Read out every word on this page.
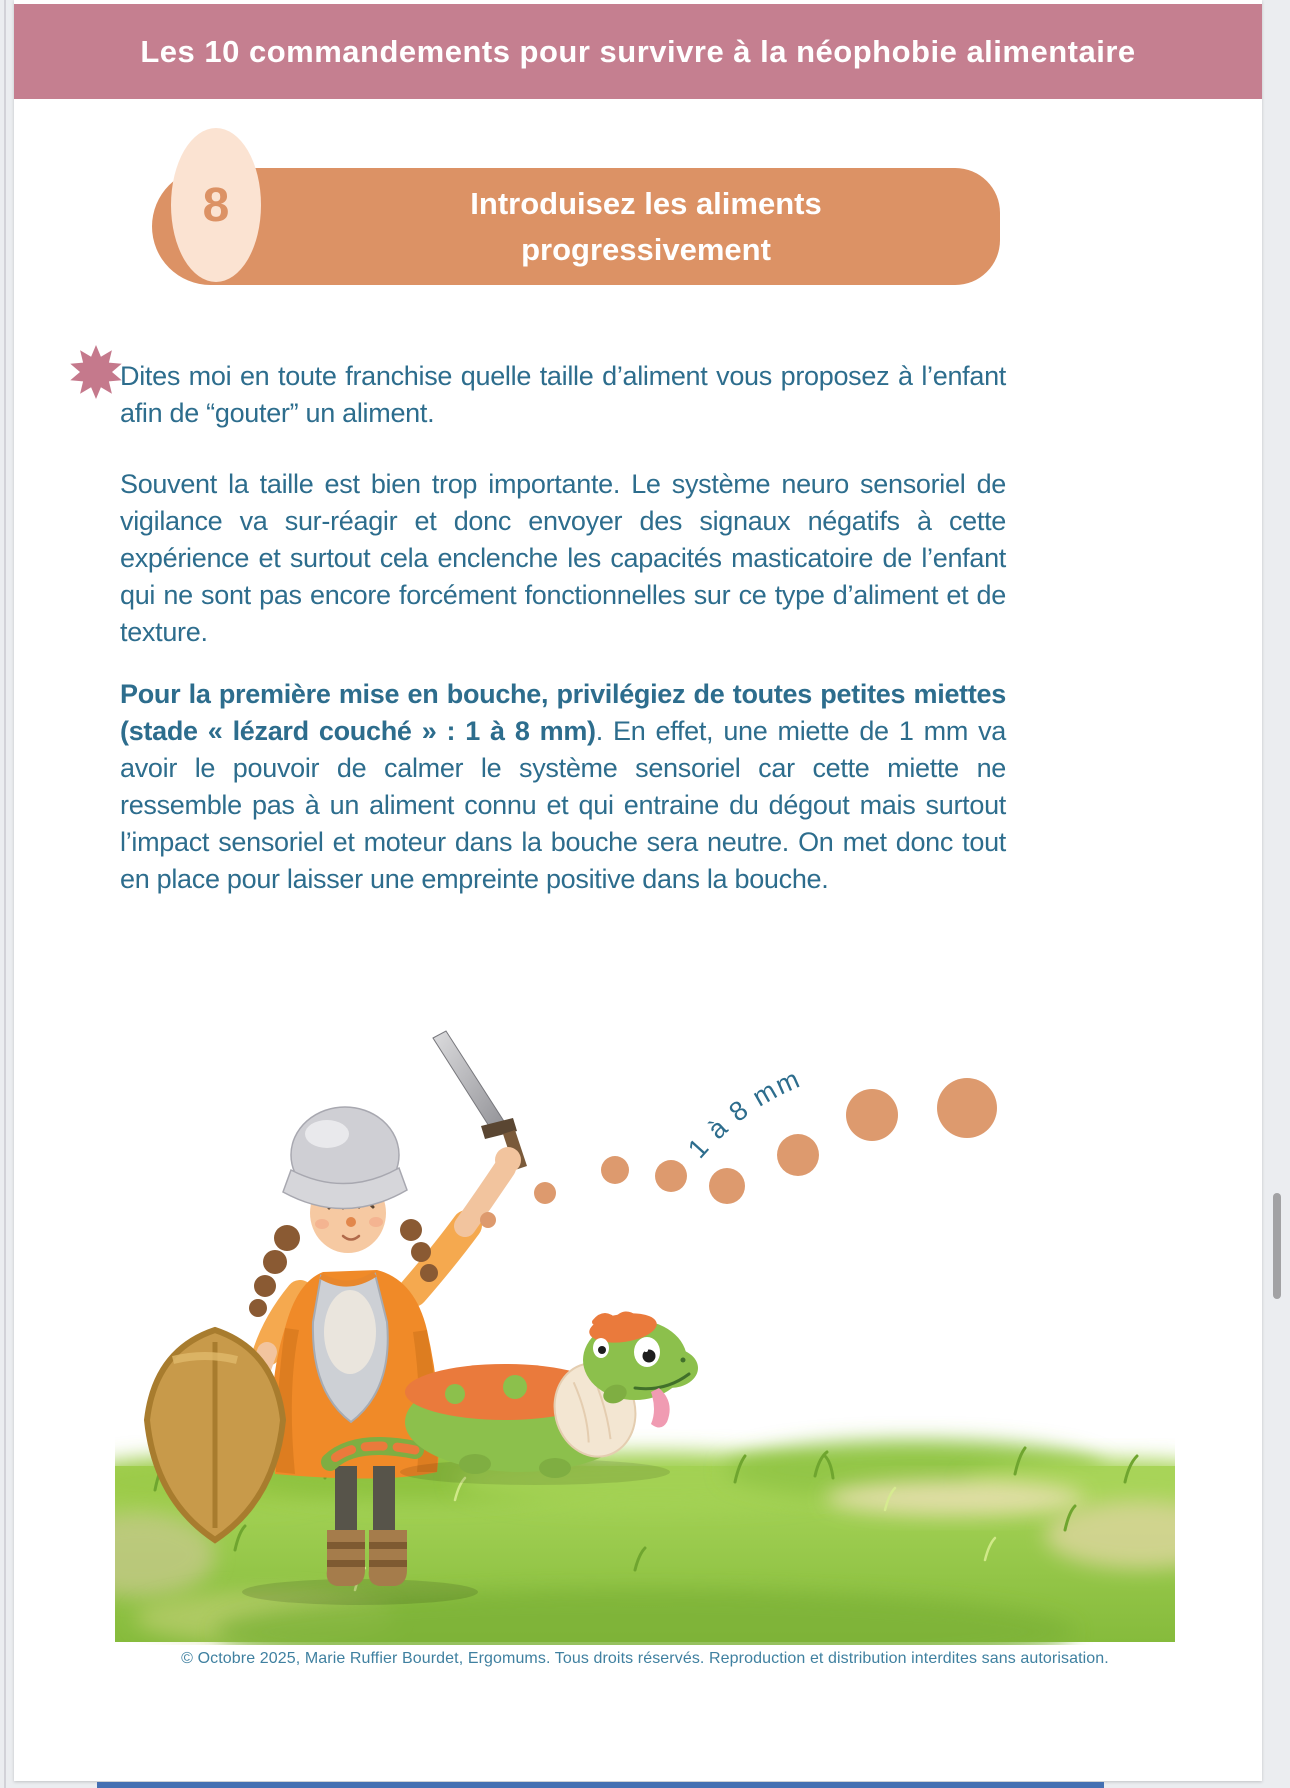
Les 10 commandements pour survivre à la néophobie alimentaire
Introduisez les aliments progressivement
8

Dites moi en toute franchise quelle taille d’aliment vous proposez à l’enfant afin de “gouter” un aliment.

Souvent la taille est bien trop importante. Le système neuro sensoriel de vigilance va sur-réagir et donc envoyer des signaux négatifs à cette expérience et surtout cela enclenche les capacités masticatoire de l’enfant qui ne sont pas encore forcément fonctionnelles sur ce type d’aliment et de texture.

Pour la première mise en bouche, privilégiez de toutes petites miettes (stade « lézard couché » : 1 à 8 mm). En effet, une miette de 1 mm va avoir le pouvoir de calmer le système sensoriel car cette miette ne ressemble pas à un aliment connu et qui entraine du dégout mais surtout l’impact sensoriel et moteur dans la bouche sera neutre. On met donc tout en place pour laisser une empreinte positive dans la bouche.

1 à 8 mm
© Octobre 2025, Marie Ruffier Bourdet, Ergomums. Tous droits réservés. Reproduction et distribution interdites sans autorisation.
